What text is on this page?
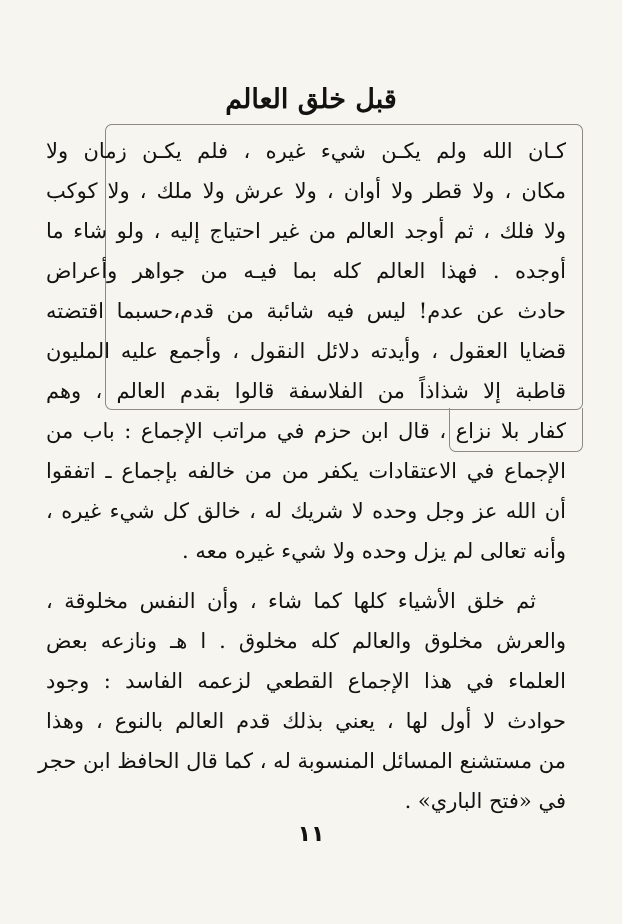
قبل خلق العالم
كـان الله ولم يكـن شيء غيره ، فلم يكـن زمان ولا
مكان ، ولا قطر ولا أوان ، ولا عرش ولا ملك ، ولا كوكب
ولا فلك ، ثم أوجد العالم من غير احتياج إليه ، ولو شاء ما
أوجده . فهذا العالم كله بما فيـه من جواهر وأعراض
حادث عن عدم! ليس فيه شائبة من قدم،حسبما اقتضته
قضايا العقول ، وأيدته دلائل النقول ، وأجمع عليه المليون
قاطبة إلا شذاذاً من الفلاسفة قالوا بقدم العالم ، وهم
كفار بلا نزاع ، قال ابن حزم في مراتب الإجماع : باب من
الإجماع في الاعتقادات يكفر من من خالفه بإجماع ـ اتفقوا
أن الله عز وجل وحده لا شريك له ، خالق كل شيء غيره ،
وأنه تعالى لم يزل وحده ولا شيء غيره معه .
ثم خلق الأشياء كلها كما شاء ، وأن النفس مخلوقة ،
والعرش مخلوق والعالم كله مخلوق . ا هـ ونازعه بعض
العلماء في هذا الإجماع القطعي لزعمه الفاسد : وجود
حوادث لا أول لها ، يعني بذلك قدم العالم بالنوع ، وهذا
من مستشنع المسائل المنسوبة له ، كما قال الحافظ ابن حجر
في «فتح الباري» .
١١
